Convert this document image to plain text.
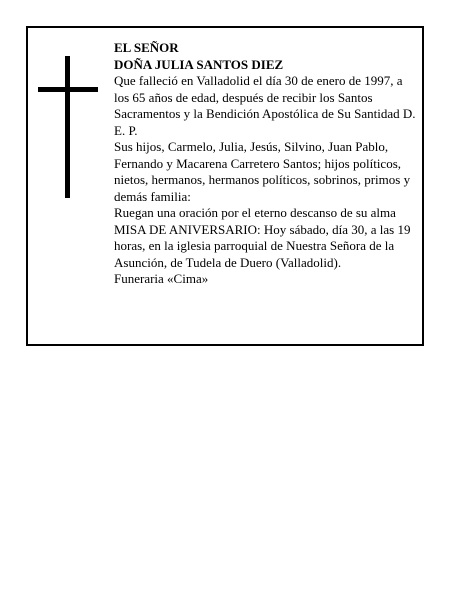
EL SEÑOR

DOÑA JULIA SANTOS DIEZ

Que falleció en Valladolid el día 30 de enero de 1997, a los 65 años de edad, después de recibir los Santos Sacramentos y la Bendición Apostólica de Su Santidad D. E. P.

Sus hijos, Carmelo, Julia, Jesús, Silvino, Juan Pablo, Fernando y Macarena Carretero Santos; hijos políticos, nietos, hermanos, hermanos políticos, sobrinos, primos y demás familia:

Ruegan una oración por el eterno descanso de su alma

MISA DE ANIVERSARIO: Hoy sábado, día 30, a las 19 horas, en la iglesia parroquial de Nuestra Señora de la Asunción, de Tudela de Duero (Valladolid).

Funeraria «Cima»
